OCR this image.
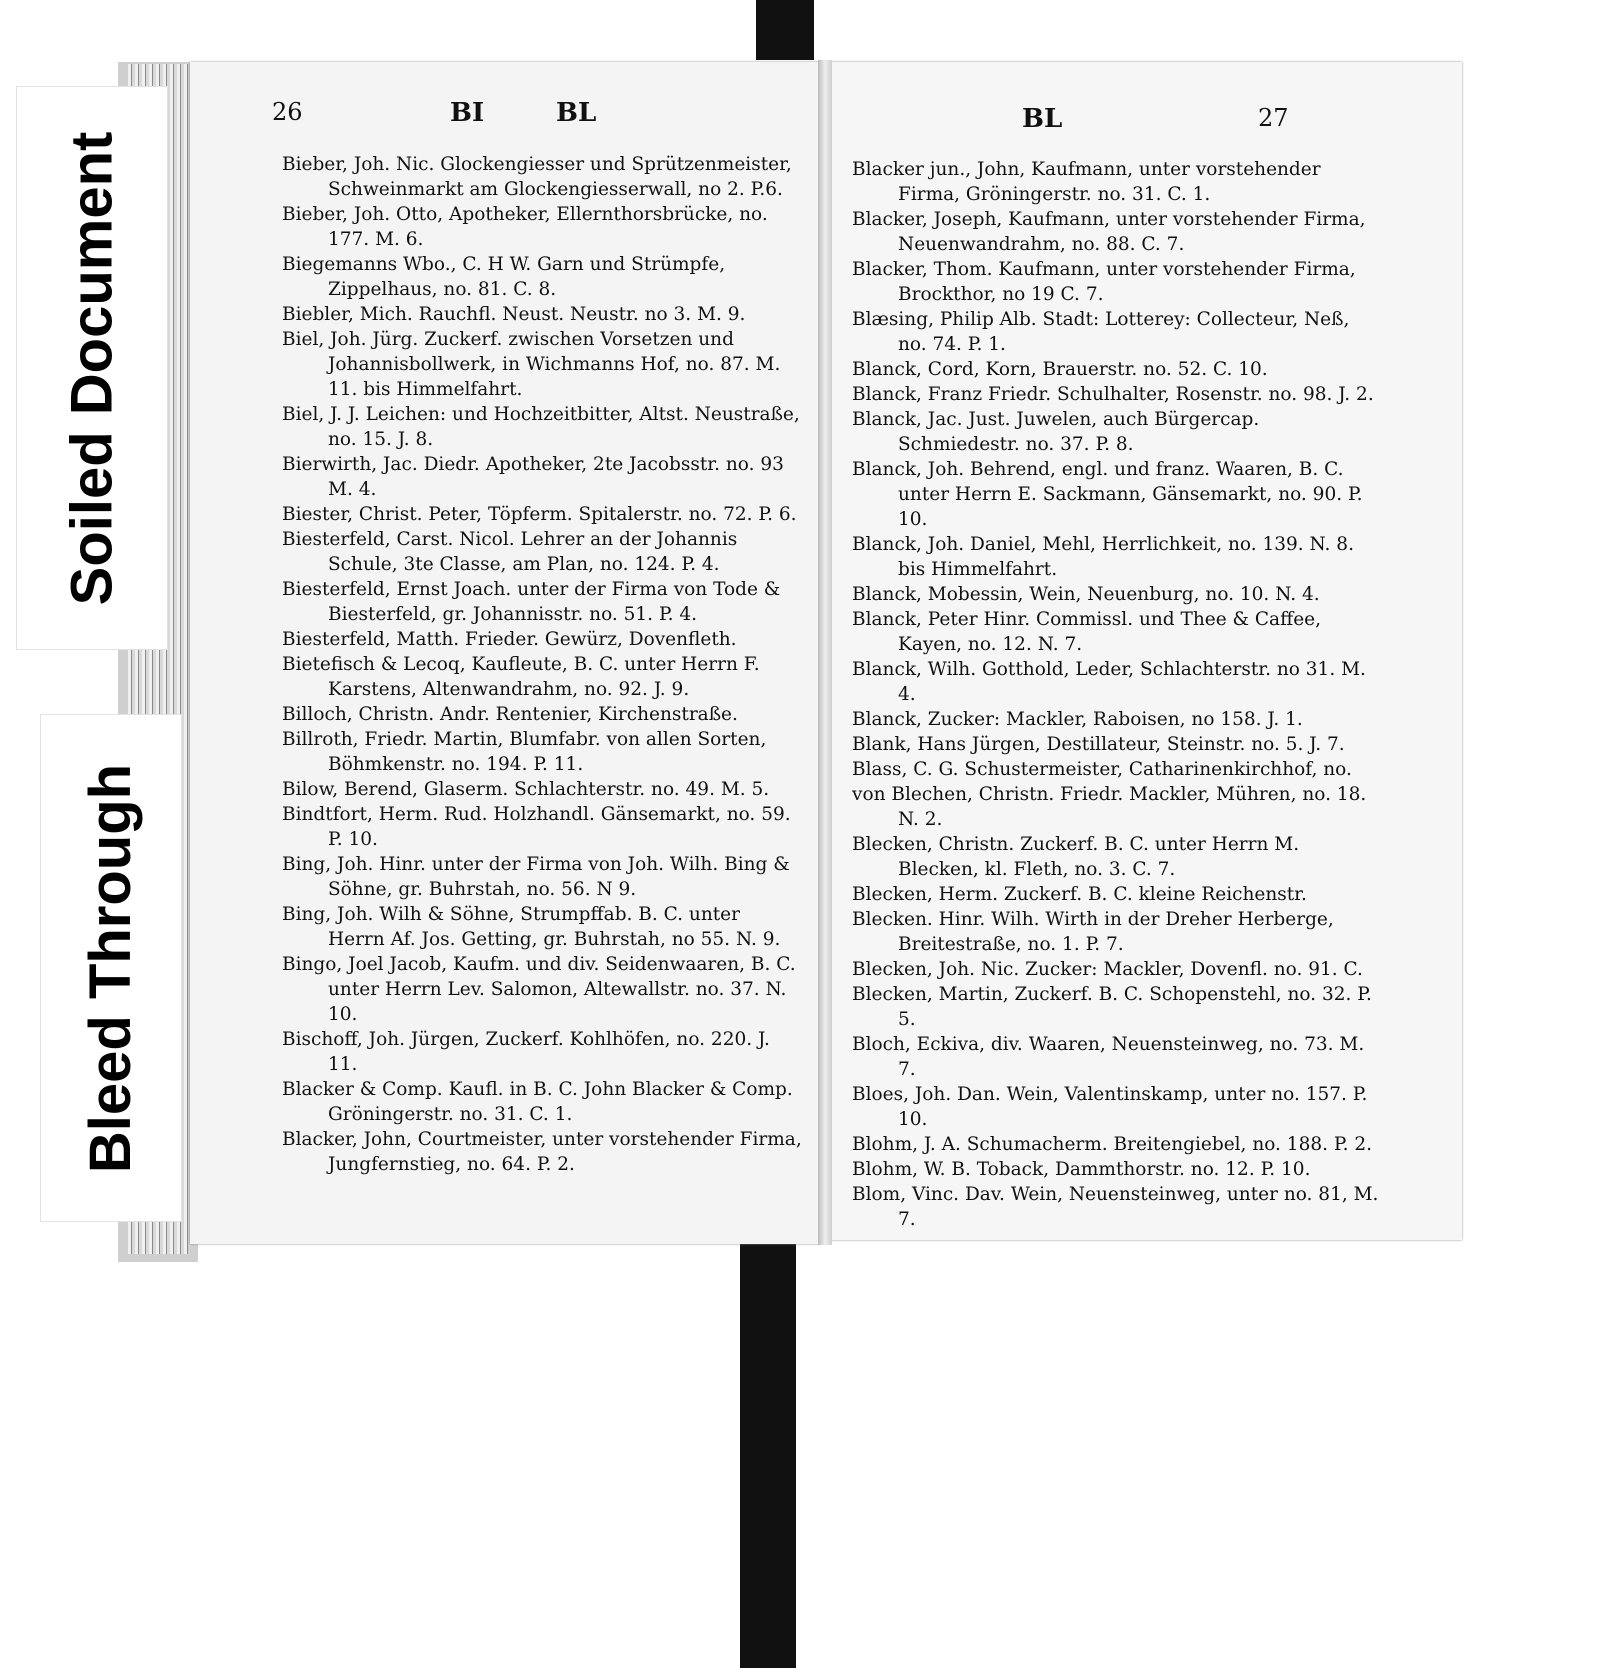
Soiled Document
Bleed Through
26	BI	BL	BL	27

Bieber, Joh. Nic. Glockengiesser und Sprützenmeister, Schweinmarkt am Glockengiesserwall, no 2. P.6.

Bieber, Joh. Otto, Apotheker, Ellernthorsbrücke, no. 177. M. 6.

Biegemanns Wbo., C. H W. Garn und Strümpfe, Zippelhaus, no. 81. C. 8.

Biebler, Mich. Rauchfl. Neust. Neustr. no 3. M. 9.

Biel, Joh. Jürg. Zuckerf. zwischen Vorsetzen und Johannisbollwerk, in Wichmanns Hof, no. 87. M. 11. bis Himmelfahrt.

Biel, J. J. Leichen: und Hochzeitbitter, Altst. Neustraße, no. 15. J. 8.

Bierwirth, Jac. Diedr. Apotheker, 2te Jacobsstr. no. 93 M. 4.

Biester, Christ. Peter, Töpferm. Spitalerstr. no. 72. P. 6.

Biesterfeld, Carst. Nicol. Lehrer an der Johannis Schule, 3te Classe, am Plan, no. 124. P. 4.

Biesterfeld, Ernst Joach. unter der Firma von Tode & Biesterfeld, gr. Johannisstr. no. 51. P. 4.

Biesterfeld, Matth. Frieder. Gewürz, Dovenfleth.

Bietefisch & Lecoq, Kaufleute, B. C. unter Herrn F. Karstens, Altenwandrahm, no. 92. J. 9.

Billoch, Christn. Andr. Rentenier, Kirchenstraße.

Billroth, Friedr. Martin, Blumfabr. von allen Sorten, Böhmkenstr. no. 194. P. 11.

Bilow, Berend, Glaserm. Schlachterstr. no. 49. M. 5.

Bindtfort, Herm. Rud. Holzhandl. Gänsemarkt, no. 59. P. 10.

Bing, Joh. Hinr. unter der Firma von Joh. Wilh. Bing & Söhne, gr. Buhrstah, no. 56. N 9.

Bing, Joh. Wilh & Söhne, Strumpffab. B. C. unter Herrn Af. Jos. Getting, gr. Buhrstah, no 55. N. 9.

Bingo, Joel Jacob, Kaufm. und div. Seidenwaaren, B. C. unter Herrn Lev. Salomon, Altewallstr. no. 37. N. 10.

Bischoff, Joh. Jürgen, Zuckerf. Kohlhöfen, no. 220. J. 11.

Blacker & Comp. Kaufl. in B. C. John Blacker & Comp. Gröningerstr. no. 31. C. 1.

Blacker, John, Courtmeister, unter vorstehender Firma, Jungfernstieg, no. 64. P. 2.

Blacker jun., John, Kaufmann, unter vorstehender Firma, Gröningerstr. no. 31. C. 1.

Blacker, Joseph, Kaufmann, unter vorstehender Firma, Neuenwandrahm, no. 88. C. 7.

Blacker, Thom. Kaufmann, unter vorstehender Firma, Brockthor, no 19 C. 7.

Blæsing, Philip Alb. Stadt: Lotterey: Collecteur, Neß, no. 74. P. 1.

Blanck, Cord, Korn, Brauerstr. no. 52. C. 10.

Blanck, Franz Friedr. Schulhalter, Rosenstr. no. 98. J. 2.

Blanck, Jac. Just. Juwelen, auch Bürgercap. Schmiedestr. no. 37. P. 8.

Blanck, Joh. Behrend, engl. und franz. Waaren, B. C. unter Herrn E. Sackmann, Gänsemarkt, no. 90. P. 10.

Blanck, Joh. Daniel, Mehl, Herrlichkeit, no. 139. N. 8. bis Himmelfahrt.

Blanck, Mobessin, Wein, Neuenburg, no. 10. N. 4.

Blanck, Peter Hinr. Commissl. und Thee & Caffee, Kayen, no. 12. N. 7.

Blanck, Wilh. Gotthold, Leder, Schlachterstr. no 31. M. 4.

Blanck, Zucker: Mackler, Raboisen, no 158. J. 1.

Blank, Hans Jürgen, Destillateur, Steinstr. no. 5. J. 7.

Blass, C. G. Schustermeister, Catharinenkirchhof, no.

von Blechen, Christn. Friedr. Mackler, Mühren, no. 18. N. 2.

Blecken, Christn. Zuckerf. B. C. unter Herrn M. Blecken, kl. Fleth, no. 3. C. 7.

Blecken, Herm. Zuckerf. B. C. kleine Reichenstr.

Blecken. Hinr. Wilh. Wirth in der Dreher Herberge, Breitestraße, no. 1. P. 7.

Blecken, Joh. Nic. Zucker: Mackler, Dovenfl. no. 91. C.

Blecken, Martin, Zuckerf. B. C. Schopenstehl, no. 32. P. 5.

Bloch, Eckiva, div. Waaren, Neuensteinweg, no. 73. M. 7.

Bloes, Joh. Dan. Wein, Valentinskamp, unter no. 157. P. 10.

Blohm, J. A. Schumacherm. Breitengiebel, no. 188. P. 2.

Blohm, W. B. Toback, Dammthorstr. no. 12. P. 10.

Blom, Vinc. Dav. Wein, Neuensteinweg, unter no. 81, M. 7.
